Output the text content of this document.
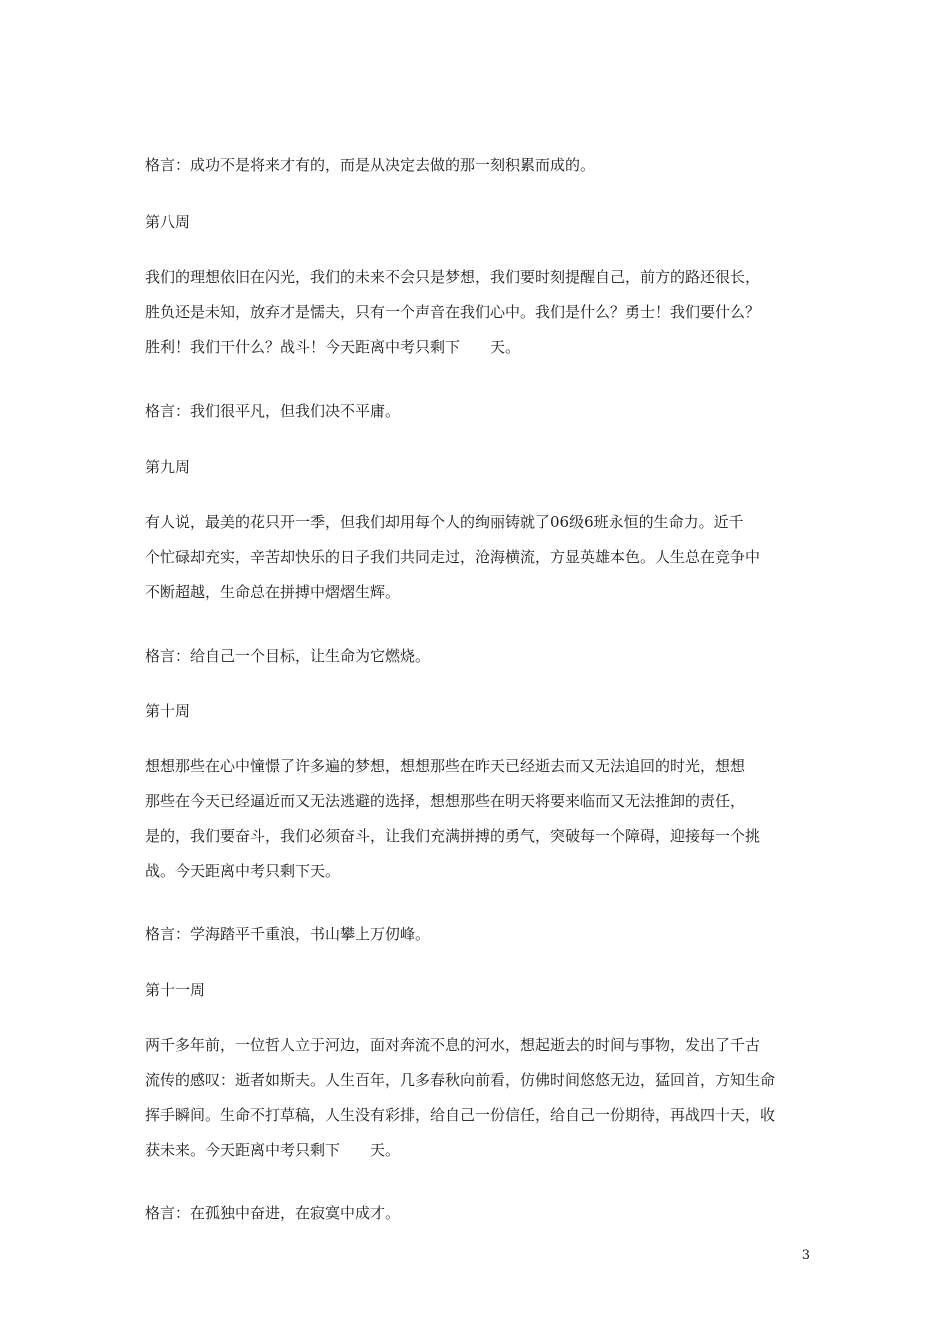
格言：成功不是将来才有的，而是从决定去做的那一刻积累而成的。

第八周

我们的理想依旧在闪光，我们的未来不会只是梦想，我们要时刻提醒自己，前方的路还很长，
胜负还是未知，放弃才是懦夫，只有一个声音在我们心中。我们是什么？勇士！我们要什么？
胜利！我们干什么？战斗！今天距离中考只剩下　　天。

格言：我们很平凡，但我们决不平庸。

第九周

有人说，最美的花只开一季，但我们却用每个人的绚丽铸就了06级6班永恒的生命力。近千
个忙碌却充实，辛苦却快乐的日子我们共同走过，沧海横流，方显英雄本色。人生总在竞争中
不断超越，生命总在拼搏中熠熠生辉。

格言：给自己一个目标，让生命为它燃烧。

第十周

想想那些在心中憧憬了许多遍的梦想，想想那些在昨天已经逝去而又无法追回的时光，想想
那些在今天已经逼近而又无法逃避的选择，想想那些在明天将要来临而又无法推卸的责任，
是的，我们要奋斗，我们必须奋斗，让我们充满拼搏的勇气，突破每一个障碍，迎接每一个挑
战。今天距离中考只剩下天。

格言：学海踏平千重浪，书山攀上万仞峰。

第十一周

两千多年前，一位哲人立于河边，面对奔流不息的河水，想起逝去的时间与事物，发出了千古
流传的感叹：逝者如斯夫。人生百年，几多春秋向前看，仿佛时间悠悠无边，猛回首，方知生命
挥手瞬间。生命不打草稿，人生没有彩排，给自己一份信任，给自己一份期待，再战四十天，收
获未来。今天距离中考只剩下　　天。

格言：在孤独中奋进，在寂寞中成才。

3
